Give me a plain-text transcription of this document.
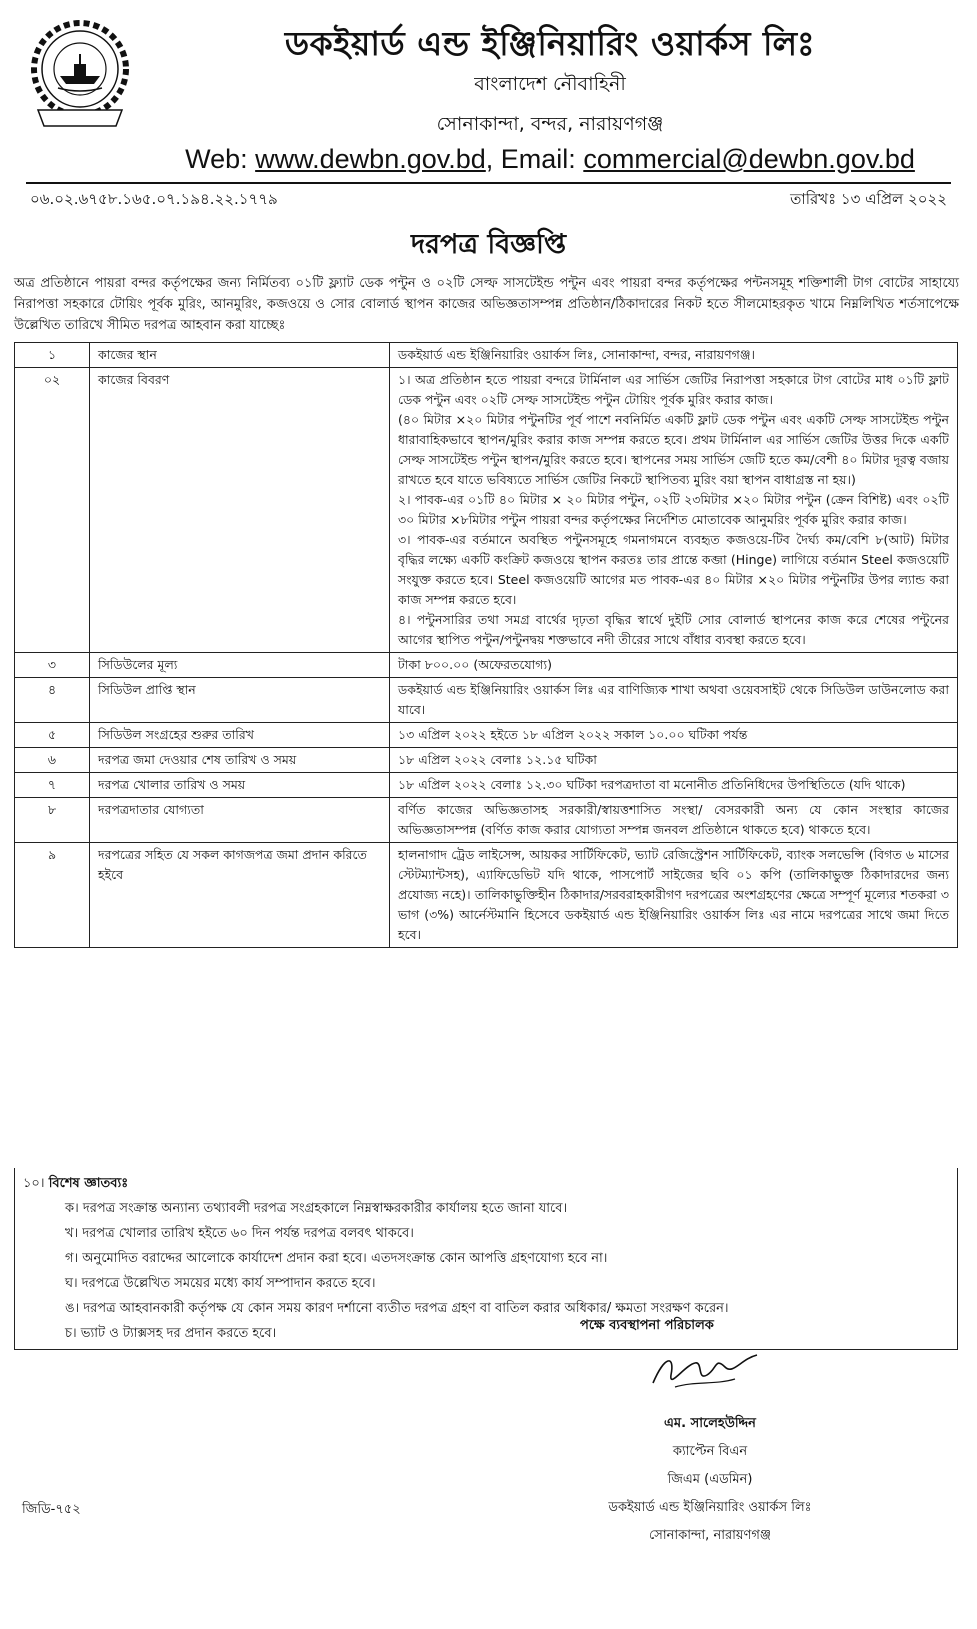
ডকইয়ার্ড এন্ড ইঞ্জিনিয়ারিং ওয়ার্কস লিঃ
বাংলাদেশ নৌবাহিনী
সোনাকান্দা, বন্দর, নারায়ণগঞ্জ
Web: www.dewbn.gov.bd, Email: commercial@dewbn.gov.bd
০৬.০২.৬৭৫৮.১৬৫.০৭.১৯৪.২২.১৭৭৯	তারিখঃ ১৩ এপ্রিল ২০২২
দরপত্র বিজ্ঞপ্তি
অত্র প্রতিষ্ঠানে পায়রা বন্দর কর্তৃপক্ষের জন্য নির্মিতব্য ০১টি ফ্ল্যাট ডেক পন্টুন ও ০২টি সেল্ফ সাসটেইন্ড পন্টুন এবং পায়রা বন্দর কর্তৃপক্ষের পন্টনসমূহ শক্তিশালী টাগ বোটের সাহায্যে নিরাপত্তা সহকারে টোয়িং পূর্বক মুরিং, আনমুরিং, কজওয়ে ও সোর বোলার্ড স্থাপন কাজের অভিজ্ঞতাসম্পন্ন প্রতিষ্ঠান/ঠিকাদারের নিকট হতে সীলমোহরকৃত খামে নিম্নলিখিত শর্তসাপেক্ষে উল্লেখিত তারিখে সীমিত দরপত্র আহবান করা যাচ্ছেঃ
১	কাজের স্থান	ডকইয়ার্ড এন্ড ইঞ্জিনিয়ারিং ওয়ার্কস লিঃ, সোনাকান্দা, বন্দর, নারায়ণগঞ্জ।
০২	কাজের বিবরণ	১। অত্র প্রতিষ্ঠান হতে পায়রা বন্দরে টার্মিনাল এর সার্ভিস জেটির নিরাপত্তা সহকারে টাগ বোটের মাধ ০১টি ফ্লাট ডেক পন্টুন এবং ০২টি সেল্ফ সাসটেইন্ড পন্টুন টোয়িং পূর্বক মুরিং করার কাজ।
(৪০ মিটার ×২০ মিটার পন্টুনটির পূর্ব পাশে নবনির্মিত একটি ফ্লাট ডেক পন্টুন এবং একটি সেল্ফ সাসটেইন্ড পন্টুন ধারাবাহিকভাবে স্থাপন/মুরিং করার কাজ সম্পন্ন করতে হবে। প্রথম টার্মিনাল এর সার্ভিস জেটির উত্তর দিকে একটি সেল্ফ সাসটেইন্ড পন্টুন স্থাপন/মুরিং করতে হবে। স্থাপনের সময় সার্ভিস জেটি হতে কম/বেশী ৪০ মিটার দূরত্ব বজায় রাখতে হবে যাতে ভবিষ্যতে সার্ভিস জেটির নিকটে স্থাপিতব্য মুরিং বয়া স্থাপন বাধাগ্রস্ত না হয়।)
২। পাবক-এর ০১টি ৪০ মিটার × ২০ মিটার পন্টুন, ০২টি ২৩মিটার ×২০ মিটার পন্টুন (ক্রেন বিশিষ্ট) এবং ০২টি ৩০ মিটার ×৮মিটার পন্টুন পায়রা বন্দর কর্তৃপক্ষের নির্দেশিত মোতাবেক আনুমরিং পূর্বক মুরিং করার কাজ।
৩। পাবক-এর বর্তমানে অবস্থিত পন্টুনসমূহে গমনাগমনে ব্যবহৃত কজওয়ে-টিব দৈর্ঘ্য কম/বেশি ৮(আট) মিটার বৃদ্ধির লক্ষ্যে একটি কংক্রিট কজওয়ে স্থাপন করতঃ তার প্রান্তে কব্জা (Hinge) লাগিয়ে বর্তমান Steel কজওয়েটি সংযুক্ত করতে হবে। Steel কজওয়েটি আগের মত পাবক-এর ৪০ মিটার ×২০ মিটার পন্টুনটির উপর ল্যান্ড করা কাজ সম্পন্ন করতে হবে।
৪। পন্টুনসারির তথা সমগ্র বার্থের দৃঢ়তা বৃদ্ধির স্বার্থে দুইটি সোর বোলার্ড স্থাপনের কাজ করে শেষের পন্টুনের আগের স্থাপিত পন্টুন/পন্টুনদ্বয় শক্তভাবে নদী তীরের সাথে বাঁধার ব্যবস্থা করতে হবে।

৩	সিডিউলের মূল্য	টাকা ৮০০.০০ (অফেরতযোগ্য)
৪	সিডিউল প্রাপ্তি স্থান	ডকইয়ার্ড এন্ড ইঞ্জিনিয়ারিং ওয়ার্কস লিঃ এর বাণিজ্যিক শাখা অথবা ওয়েবসাইট থেকে সিডিউল ডাউনলোড করা যাবে।
৫	সিডিউল সংগ্রহের শুরুর তারিখ	১৩ এপ্রিল ২০২২ হইতে ১৮ এপ্রিল ২০২২ সকাল ১০.০০ ঘটিকা পর্যন্ত
৬	দরপত্র জমা দেওয়ার শেষ তারিখ ও সময়	১৮ এপ্রিল ২০২২ বেলাঃ ১২.১৫ ঘটিকা
৭	দরপত্র খোলার তারিখ ও সময়	১৮ এপ্রিল ২০২২ বেলাঃ ১২.৩০ ঘটিকা দরপত্রদাতা বা মনোনীত প্রতিনিধিদের উপস্থিতিতে (যদি থাকে)
৮	দরপত্রদাতার যোগ্যতা	বর্ণিত কাজের অভিজ্ঞতাসহ সরকারী/স্বায়ত্তশাসিত সংস্থা/ বেসরকারী অন্য যে কোন সংস্থার কাজের অভিজ্ঞতাসম্পন্ন (বর্ণিত কাজ করার যোগ্যতা সম্পন্ন জনবল প্রতিষ্ঠানে থাকতে হবে) থাকতে হবে।
৯	দরপত্রের সহিত যে সকল কাগজপত্র জমা প্রদান করিতে হইবে	হালনাগাদ ট্রেড লাইসেন্স, আয়কর সার্টিফিকেট, ভ্যাট রেজিস্ট্রেশন সার্টিফিকেট, ব্যাংক সলভেন্সি (বিগত ৬ মাসের স্টেটম্যান্টসহ), এ্যাফিডেভিট যদি থাকে, পাসপোর্ট সাইজের ছবি ০১ কপি (তালিকাভুক্ত ঠিকাদারদের জন্য প্রযোজ্য নহে)। তালিকাভুক্তিহীন ঠিকাদার/সরবরাহকারীগণ দরপত্রের অংশগ্রহণের ক্ষেত্রে সম্পূর্ণ মূল্যের শতকরা ৩ ভাগ (৩%) আর্নেস্টমানি হিসেবে ডকইয়ার্ড এন্ড ইঞ্জিনিয়ারিং ওয়ার্কস লিঃ এর নামে দরপত্রের সাথে জমা দিতে হবে।
১০। বিশেষ জ্ঞাতব্যঃ
ক। দরপত্র সংক্রান্ত অন্যান্য তথ্যাবলী দরপত্র সংগ্রহকালে নিম্নস্বাক্ষরকারীর কার্যালয় হতে জানা যাবে।
খ। দরপত্র খোলার তারিখ হইতে ৬০ দিন পর্যন্ত দরপত্র বলবৎ থাকবে।
গ। অনুমোদিত বরাদ্দের আলোকে কার্যাদেশ প্রদান করা হবে। এতদসংক্রান্ত কোন আপত্তি গ্রহণযোগ্য হবে না।
ঘ। দরপত্রে উল্লেখিত সময়ের মধ্যে কার্য সম্পাদান করতে হবে।
ঙ। দরপত্র আহবানকারী কর্তৃপক্ষ যে কোন সময় কারণ দর্শানো ব্যতীত দরপত্র গ্রহণ বা বাতিল করার অধিকার/ ক্ষমতা সংরক্ষণ করেন।
চ। ভ্যাট ও ট্যাক্সসহ দর প্রদান করতে হবে।
পক্ষে ব্যবস্থাপনা পরিচালক
এম. সালেহউদ্দিন
ক্যাপ্টেন বিএন
জিএম (এডমিন)
ডকইয়ার্ড এন্ড ইঞ্জিনিয়ারিং ওয়ার্কস লিঃ
সোনাকান্দা, নারায়ণগঞ্জ
জিডি-৭৫২
